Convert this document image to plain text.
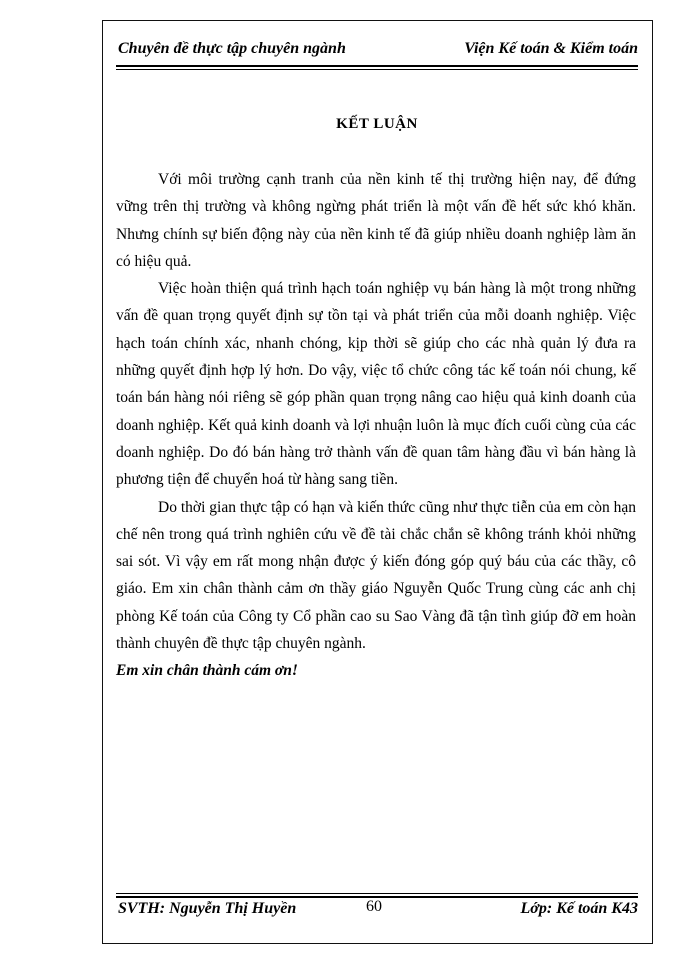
Chuyên đề thực tập chuyên ngành	Viện Kế toán & Kiểm toán
KẾT LUẬN

Với môi trường cạnh tranh của nền kinh tế thị trường hiện nay, để đứng vững trên thị trường và không ngừng phát triển là một vấn đề hết sức khó khăn. Nhưng chính sự biến động này của nền kinh tế đã giúp nhiều doanh nghiệp làm ăn có hiệu quả.

Việc hoàn thiện quá trình hạch toán nghiệp vụ bán hàng là một trong những vấn đề quan trọng quyết định sự tồn tại và phát triển của mỗi doanh nghiệp. Việc hạch toán chính xác, nhanh chóng, kịp thời sẽ giúp cho các nhà quản lý đưa ra những quyết định hợp lý hơn. Do vậy, việc tổ chức công tác kế toán nói chung, kế toán bán hàng nói riêng sẽ góp phần quan trọng nâng cao hiệu quả kinh doanh của doanh nghiệp. Kết quả kinh doanh và lợi nhuận luôn là mục đích cuối cùng của các doanh nghiệp. Do đó bán hàng trở thành vấn đề quan tâm hàng đầu vì bán hàng là phương tiện để chuyển hoá từ hàng sang tiền.

Do thời gian thực tập có hạn và kiến thức cũng như thực tiễn của em còn hạn chế nên trong quá trình nghiên cứu về đề tài chắc chắn sẽ không tránh khỏi những sai sót. Vì vậy em rất mong nhận được ý kiến đóng góp quý báu của các thầy, cô giáo. Em xin chân thành cảm ơn thầy giáo Nguyễn Quốc Trung cùng các anh chị phòng Kế toán của Công ty Cổ phần cao su Sao Vàng đã tận tình giúp đỡ em hoàn thành chuyên đề thực tập chuyên ngành.

Em xin chân thành cám ơn!

SVTH: Nguyễn Thị Huyền	60	Lớp: Kế toán K43
